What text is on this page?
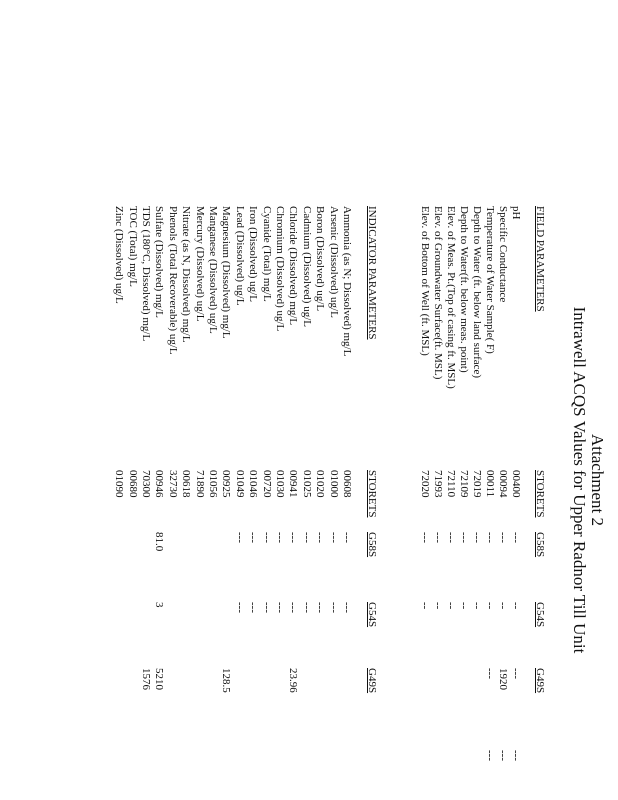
Attachment 2
Intrawell ACQS Values for Upper Radnor Till Unit
FIELD PARAMETERS
STORETS
G58S
G54S
G49S
pH
00400
---
--
---
---
Specific Conductance
00094
---
--
1920
---
Temperature of Water Sample( F)
00011
---
--
---
---
Depth to Water (ft. below land surface)
72019
---
--
Depth to Water(ft. below meas. point)
72109
---
--
Elev. of Meas. Pt.(Top of casing ft. MSL)
72110
---
--
Elev. of Groundwater Surface(ft. MSL)
71993
---
--
Elev. of Bottom of Well (ft. MSL)
72020
---
--
INDICATOR PARAMETERS
STORETS
G58S
G54S
G49S
Ammonia (as N; Dissolved) mg/L
00608
---
---
Arsenic (Dissolved) ug/L
01000
---
---
Boron (Dissolved) ug/L
01020
---
---
Cadmium (Dissolved) ug/L
01025
---
---
Chloride (Dissolved) mg/L
00941
---
---
23.96
Chromium (Dissolved) ug/L
01030
---
---
Cyanide (Total) mg/L
00720
---
---
Iron (Dissolved) ug/L
01046
---
---
Lead (Dissolved) ug/L
01049
---
---
Magnesium (Dissolved) mg/L
00925
128.5
Manganese (Dissolved) ug/L
01056
Mercury (Dissolved) ug/L
71890
Nitrate (as N, Dissolved) mg/L
00618
Phenols (Total Recoverable) ug/L
32730
Sulfate (Dissolved) mg/L
00946
81.0
3
5210
TDS (180°C, Dissolved) mg/L
70300
1576
TOC (Total) mg/L
00680
Zinc (Dissolved) ug/L
01090
